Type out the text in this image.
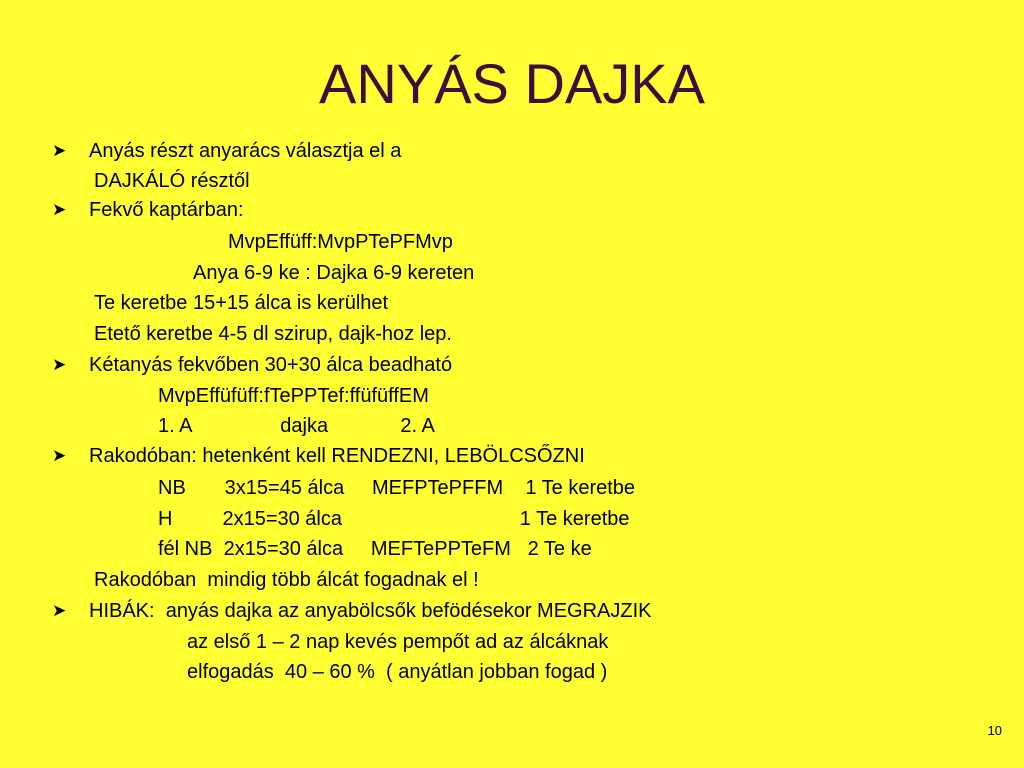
ANYÁS DAJKA
➤
➤
➤
➤
➤
Anyás részt anyarács választja el a
DAJKÁLÓ résztől
Fekvő kaptárban:
MvpEffüff:MvpPTePFMvp
Anya 6-9 ke : Dajka 6-9 kereten
Te keretbe 15+15 álca is kerülhet
Etető keretbe 4-5 dl szirup, dajk-hoz lep.
Kétanyás fekvőben 30+30 álca beadható
MvpEffüfüff:fTePPTef:ffüfüffEM
1. A                dajka             2. A
Rakodóban: hetenként kell RENDEZNI, LEBÖLCSŐZNI
NB       3x15=45 álca     MEFPTePFFM    1 Te keretbe
H         2x15=30 álca                                1 Te keretbe
fél NB  2x15=30 álca     MEFTePPTeFM   2 Te ke
Rakodóban  mindig több álcát fogadnak el !
HIBÁK:  anyás dajka az anyabölcsők befödésekor MEGRAJZIK
az első 1 – 2 nap kevés pempőt ad az álcáknak
elfogadás  40 – 60 %  ( anyátlan jobban fogad )
10
